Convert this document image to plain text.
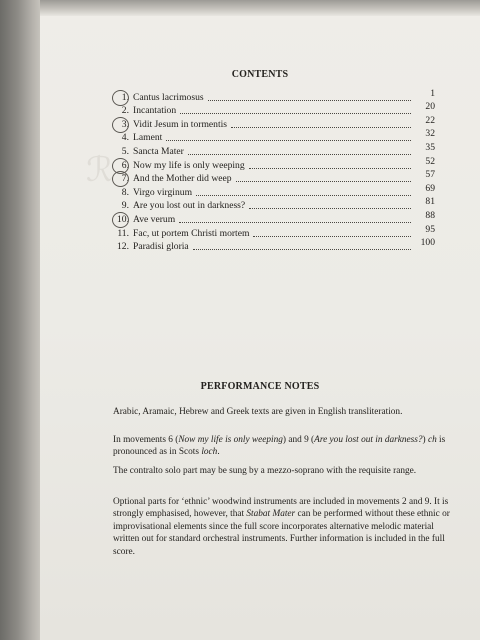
ℛ
CONTENTS
1. Cantus lacrimosus	1
2. Incantation	20
3. Vidit Jesum in tormentis	22
4. Lament	32
5. Sancta Mater	35
6. Now my life is only weeping	52
7. And the Mother did weep	57
8. Virgo virginum	69
9. Are you lost out in darkness?	81
10. Ave verum	88
11. Fac, ut portem Christi mortem	95
12. Paradisi gloria	100
PERFORMANCE NOTES

Arabic, Aramaic, Hebrew and Greek texts are given in English transliteration.

In movements 6 (Now my life is only weeping) and 9 (Are you lost out in darkness?) ch is pronounced as in Scots loch.

The contralto solo part may be sung by a mezzo-soprano with the requisite range.

Optional parts for ‘ethnic’ woodwind instruments are included in movements 2 and 9. It is strongly emphasised, however, that Stabat Mater can be performed without these ethnic or improvisational elements since the full score incorporates alternative melodic material written out for standard orchestral instruments. Further information is included in the full score.
